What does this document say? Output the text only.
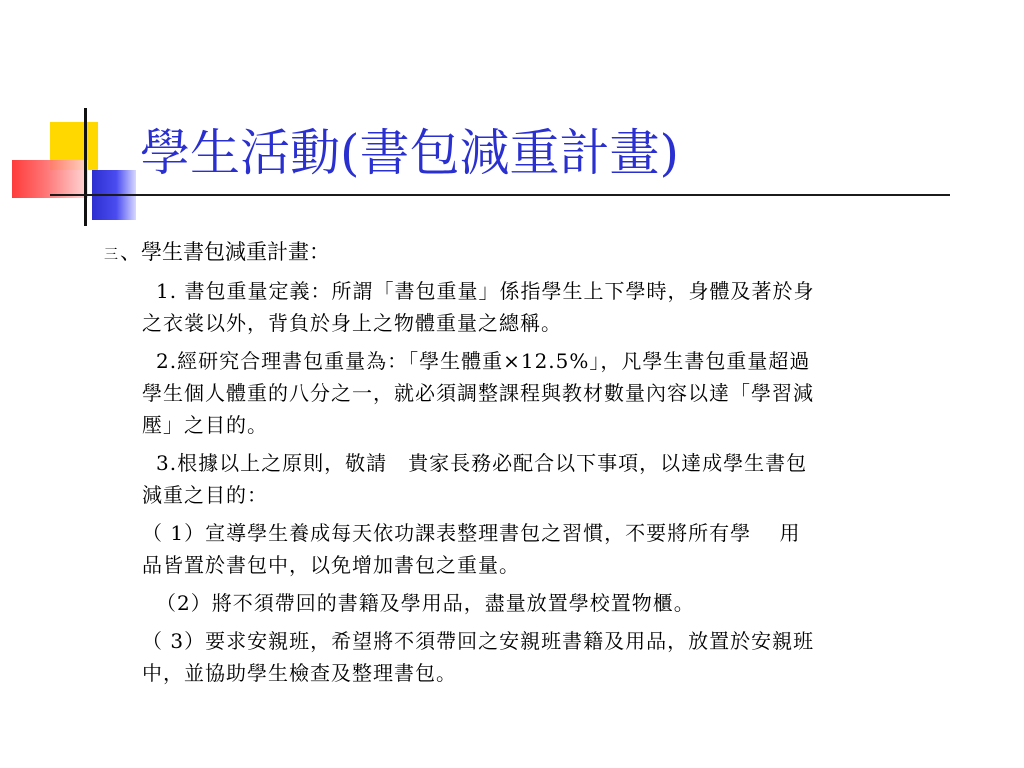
學生活動(書包減重計畫)
三 、學生書包減重計畫：
1. 書包重量定義：所謂「書包重量」係指學生上下學時，身體及著於身
之衣裳以外，背負於身上之物體重量之總稱。
2.經研究合理書包重量為：「學生體重×12.5%」，凡學生書包重量超過
學生個人體重的八分之一，就必須調整課程與教材數量內容以達「學習減
壓」之目的。
3.根據以上之原則，敬請　貴家長務必配合以下事項，以達成學生書包
減重之目的：
（ 1）宣導學生養成每天依功課表整理書包之習慣，不要將所有學　 用
品皆置於書包中，以免增加書包之重量。
（2）將不須帶回的書籍及學用品，盡量放置學校置物櫃。
（ 3）要求安親班，希望將不須帶回之安親班書籍及用品，放置於安親班
中，並協助學生檢查及整理書包。
